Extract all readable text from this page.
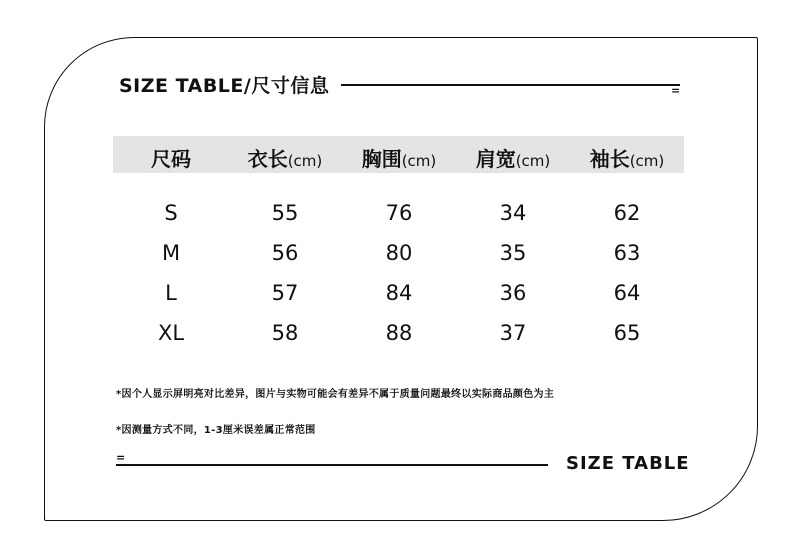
SIZE TABLE/尺寸信息	=
尺码	衣长(cm)	胸围(cm)	肩宽(cm)	袖长(cm)
S	55	76	34	62
M	56	80	35	63
L	57	84	36	64
XL	58	88	37	65
*因个人显示屏明亮对比差异，图片与实物可能会有差异不属于质量问题最终以实际商品颜色为主
*因测量方式不同，1-3厘米误差属正常范围
=	SIZE TABLE
